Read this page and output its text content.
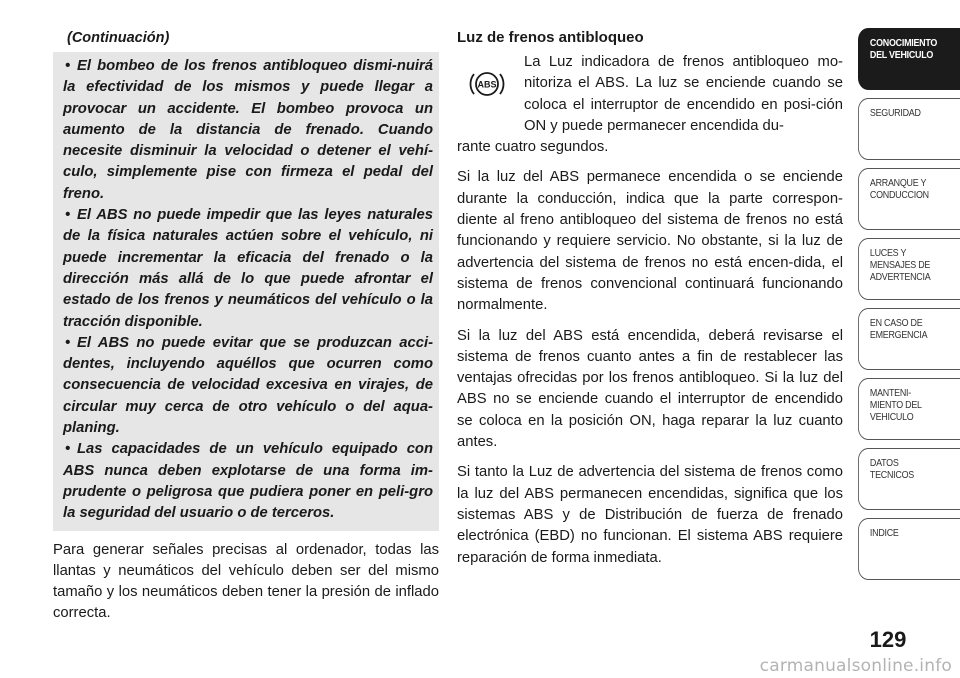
(Continuación)
• El bombeo de los frenos antibloqueo dismi-nuirá la efectividad de los mismos y puede llegar a provocar un accidente. El bombeo provoca un aumento de la distancia de frenado. Cuando necesite disminuir la velocidad o detener el vehí-culo, simplemente pise con firmeza el pedal del freno.
• El ABS no puede impedir que las leyes naturales de la física naturales actúen sobre el vehículo, ni puede incrementar la eficacia del frenado o la dirección más allá de lo que puede afrontar el estado de los frenos y neumáticos del vehículo o la tracción disponible.
• El ABS no puede evitar que se produzcan acci-dentes, incluyendo aquéllos que ocurren como consecuencia de velocidad excesiva en virajes, de circular muy cerca de otro vehículo o del aqua-planing.
• Las capacidades de un vehículo equipado con ABS nunca deben explotarse de una forma im-prudente o peligrosa que pudiera poner en peli-gro la seguridad del usuario o de terceros.

Para generar señales precisas al ordenador, todas las llantas y neumáticos del vehículo deben ser del mismo tamaño y los neumáticos deben tener la presión de inflado correcta.

Luz de frenos antibloqueo
ABS

La Luz indicadora de frenos antibloqueo mo-nitoriza el ABS. La luz se enciende cuando se coloca el interruptor de encendido en posi-ción ON y puede permanecer encendida du-
rante cuatro segundos.

Si la luz del ABS permanece encendida o se enciende durante la conducción, indica que la parte correspon-diente al freno antibloqueo del sistema de frenos no está funcionando y requiere servicio. No obstante, si la luz de advertencia del sistema de frenos no está encen-dida, el sistema de frenos convencional continuará funcionando normalmente.

Si la luz del ABS está encendida, deberá revisarse el sistema de frenos cuanto antes a fin de restablecer las ventajas ofrecidas por los frenos antibloqueo. Si la luz del ABS no se enciende cuando el interruptor de encendido se coloca en la posición ON, haga reparar la luz cuanto antes.

Si tanto la Luz de advertencia del sistema de frenos como la luz del ABS permanecen encendidas, significa que los sistemas ABS y de Distribución de fuerza de frenado electrónica (EBD) no funcionan. El sistema ABS requiere reparación de forma inmediata.

CONOCIMIENTO
DEL VEHICULO
SEGURIDAD
ARRANQUE Y
CONDUCCION
LUCES Y
MENSAJES DE
ADVERTENCIA
EN CASO DE
EMERGENCIA
MANTENI-
MIENTO DEL
VEHICULO
DATOS
TECNICOS
INDICE
129
carmanualsonline.info
